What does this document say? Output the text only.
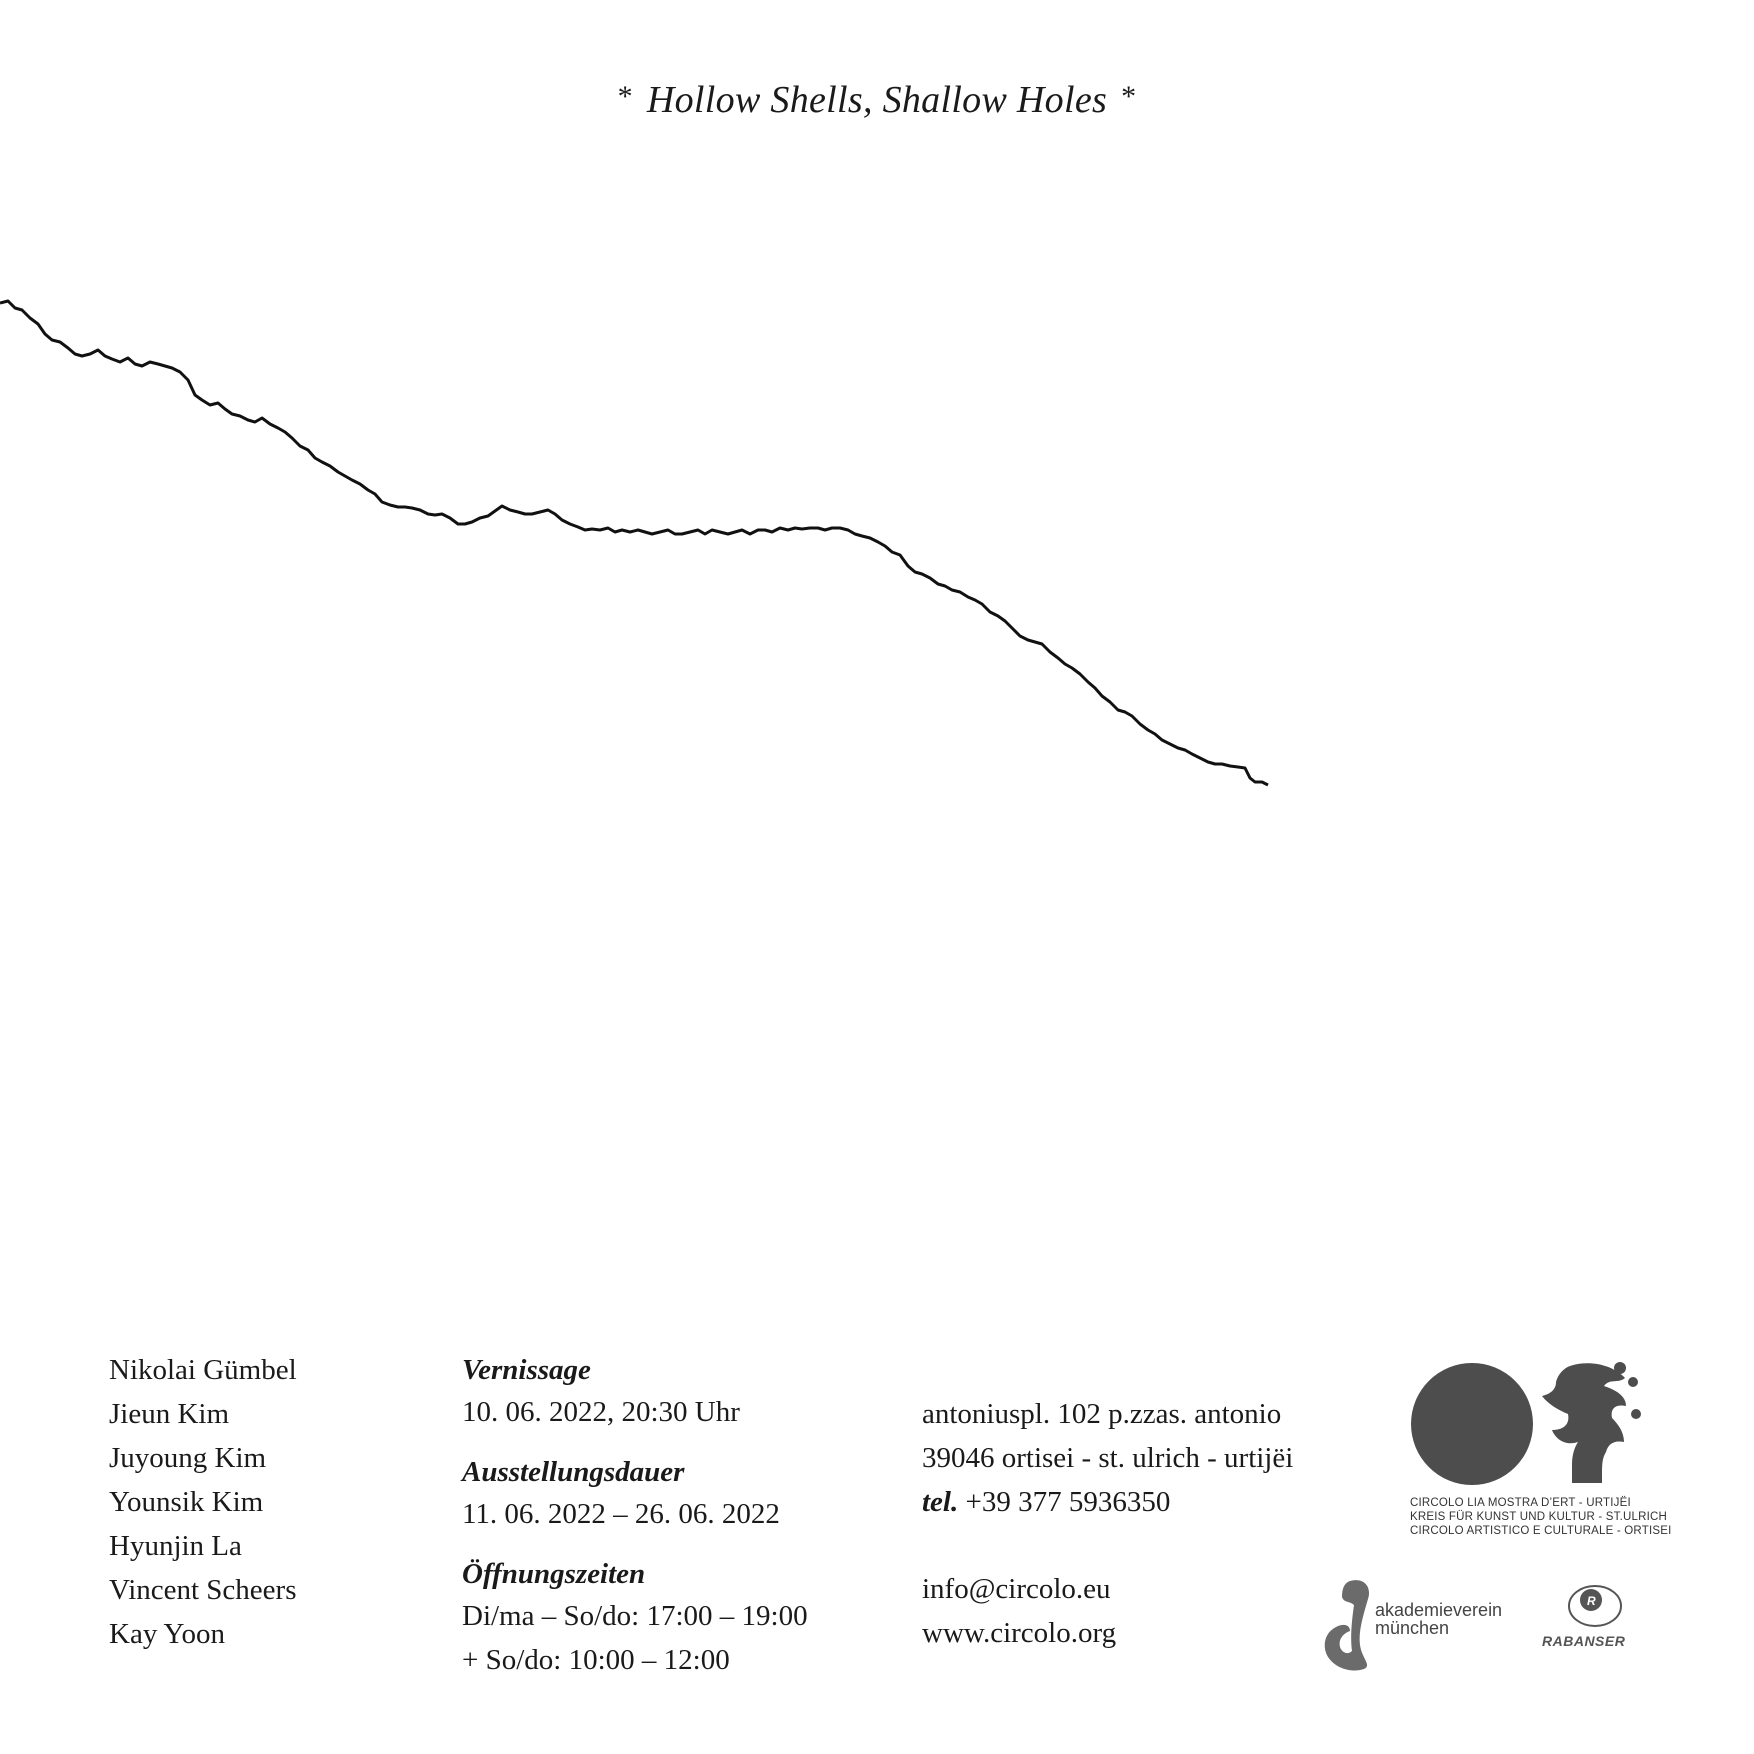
* Hollow Shells, Shallow Holes *
Nikolai Gümbel
Jieun Kim
Juyoung Kim
Younsik Kim
Hyunjin La
Vincent Scheers
Kay Yoon
Vernissage
10. 06. 2022, 20:30 Uhr
Ausstellungsdauer
11. 06. 2022 – 26. 06. 2022
Öffnungszeiten
Di/ma – So/do: 17:00 – 19:00
+ So/do: 10:00 – 12:00
antoniuspl. 102 p.zzas. antonio
39046 ortisei - st. ulrich - urtijëi
tel. +39 377 5936350
info@circolo.eu
www.circolo.org
CIRCOLO LIA MOSTRA D’ERT - URTIJËI
KREIS FÜR KUNST UND KULTUR - ST.ULRICH
CIRCOLO ARTISTICO E CULTURALE - ORTISEI
akademieverein
münchen
R
RABANSER
